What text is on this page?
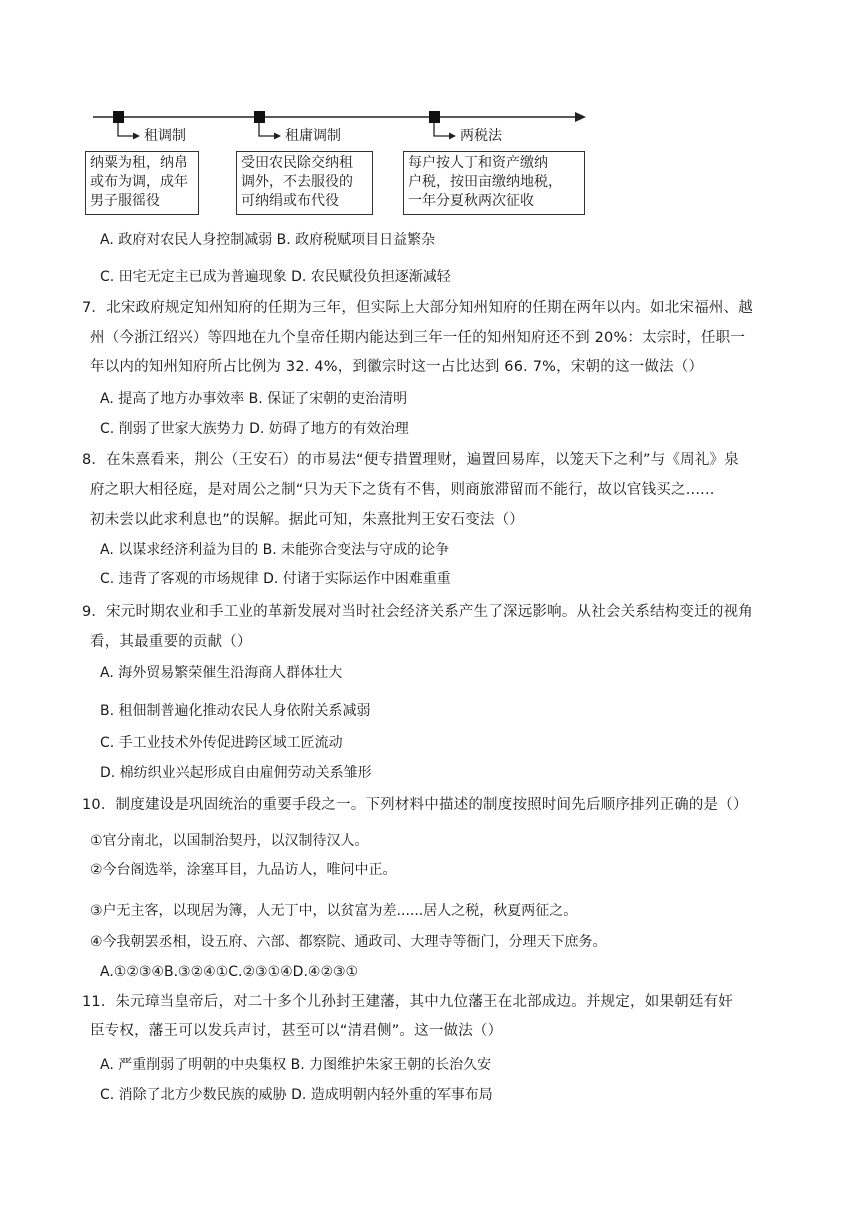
租调制	租庸调制	两税法
纳粟为租，纳帛
或布为调，成年
男子服徭役
受田农民除交纳租
调外，不去服役的
可纳绢或布代役
每户按人丁和资产缴纳
户税，按田亩缴纳地税，
一年分夏秋两次征收
A. 政府对农民人身控制减弱 B. 政府税赋项目日益繁杂
C. 田宅无定主已成为普遍现象 D. 农民赋役负担逐渐减轻
7．北宋政府规定知州知府的任期为三年，但实际上大部分知州知府的任期在两年以内。如北宋福州、越
州（今浙江绍兴）等四地在九个皇帝任期内能达到三年一任的知州知府还不到 20%：太宗时，任职一
年以内的知州知府所占比例为 32. 4%，到徽宗时这一占比达到 66. 7%，宋朝的这一做法（）
A. 提高了地方办事效率 B. 保证了宋朝的吏治清明
C. 削弱了世家大族势力 D. 妨碍了地方的有效治理
8．在朱熹看来，荆公（王安石）的市易法“便专措置理财，遍置回易库，以笼天下之利”与《周礼》泉
府之职大相径庭，是对周公之制“只为天下之货有不售，则商旅滞留而不能行，故以官钱买之......
初未尝以此求利息也”的误解。据此可知，朱熹批判王安石变法（）
A. 以谋求经济利益为目的 B. 未能弥合变法与守成的论争
C. 违背了客观的市场规律 D. 付诸于实际运作中困难重重
9．宋元时期农业和手工业的革新发展对当时社会经济关系产生了深远影响。从社会关系结构变迁的视角
看，其最重要的贡献（）
A. 海外贸易繁荣催生沿海商人群体壮大
B. 租佃制普遍化推动农民人身依附关系减弱
C. 手工业技术外传促进跨区域工匠流动
D. 棉纺织业兴起形成自由雇佣劳动关系雏形
10．制度建设是巩固统治的重要手段之一。下列材料中描述的制度按照时间先后顺序排列正确的是（）
①官分南北，以国制治契丹，以汉制待汉人。
②今台阁选举，涂塞耳目，九品访人，唯问中正。
③户无主客，以现居为簿，人无丁中，以贫富为差......居人之税，秋夏两征之。
④今我朝罢丞相，设五府、六部、都察院、通政司、大理寺等衙门，分理天下庶务。
A.①②③④B.③②④①C.②③①④D.④②③①
11．朱元璋当皇帝后，对二十多个儿孙封王建藩，其中九位藩王在北部成边。并规定，如果朝廷有奸
臣专权，藩王可以发兵声讨，甚至可以“清君侧”。这一做法（）
A. 严重削弱了明朝的中央集权 B. 力图维护朱家王朝的长治久安
C. 消除了北方少数民族的威胁 D. 造成明朝内轻外重的军事布局
